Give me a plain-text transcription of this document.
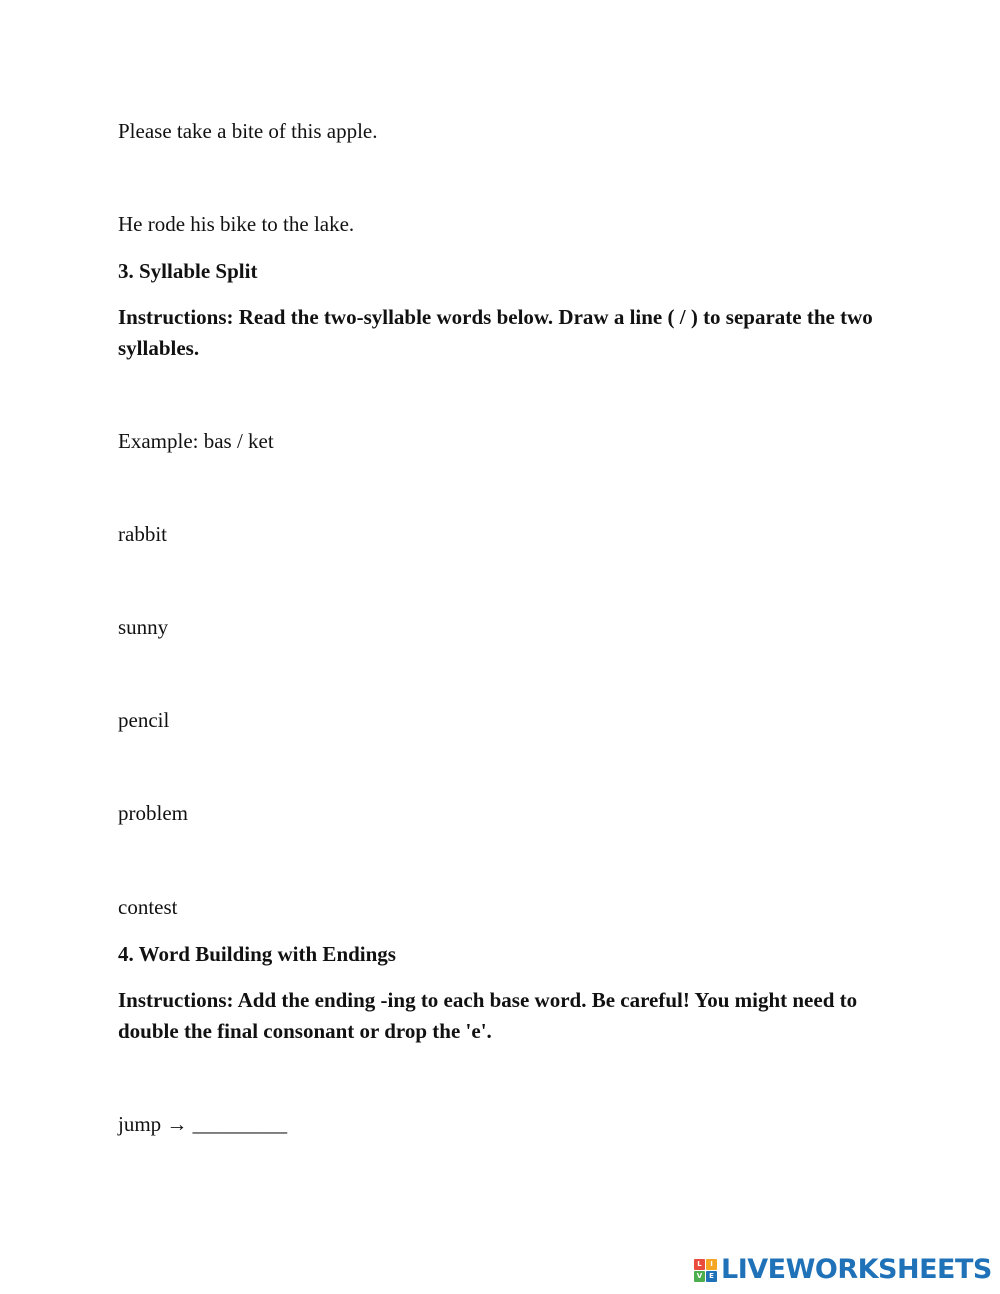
Please take a bite of this apple.
He rode his bike to the lake.
3. Syllable Split
Instructions: Read the two-syllable words below. Draw a line ( / ) to separate the two syllables.
Example: bas / ket
rabbit
sunny
pencil
problem
contest
4. Word Building with Endings
Instructions: Add the ending -ing to each base word. Be careful! You might need to double the final consonant or drop the 'e'.
jump → _________
L	I
V E LIVEWORKSHEETS
